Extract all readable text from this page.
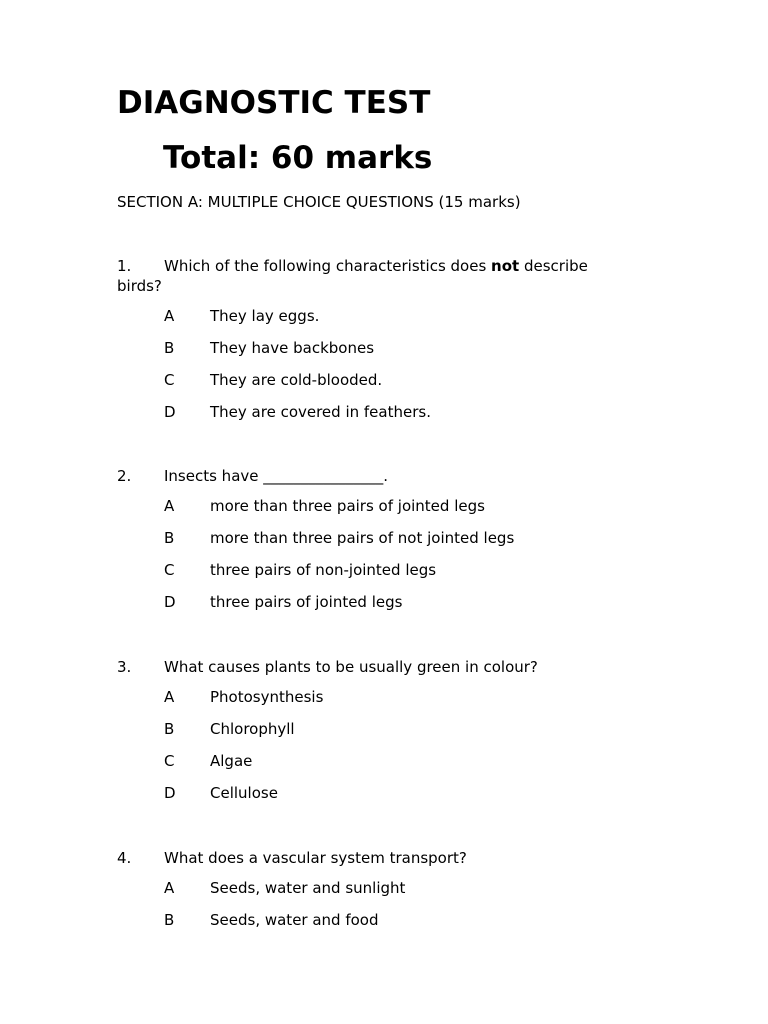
DIAGNOSTIC TEST
Total: 60 marks
SECTION A: MULTIPLE CHOICE QUESTIONS (15 marks)
1. Which of the following characteristics does not describe
birds?
A They lay eggs.
B They have backbones
C They are cold-blooded.
D They are covered in feathers.
2. Insects have ________________.
A more than three pairs of jointed legs
B more than three pairs of not jointed legs
C three pairs of non-jointed legs
D three pairs of jointed legs
3. What causes plants to be usually green in colour?
A Photosynthesis
B Chlorophyll
C Algae
D Cellulose
4. What does a vascular system transport?
A Seeds, water and sunlight
B Seeds, water and food
